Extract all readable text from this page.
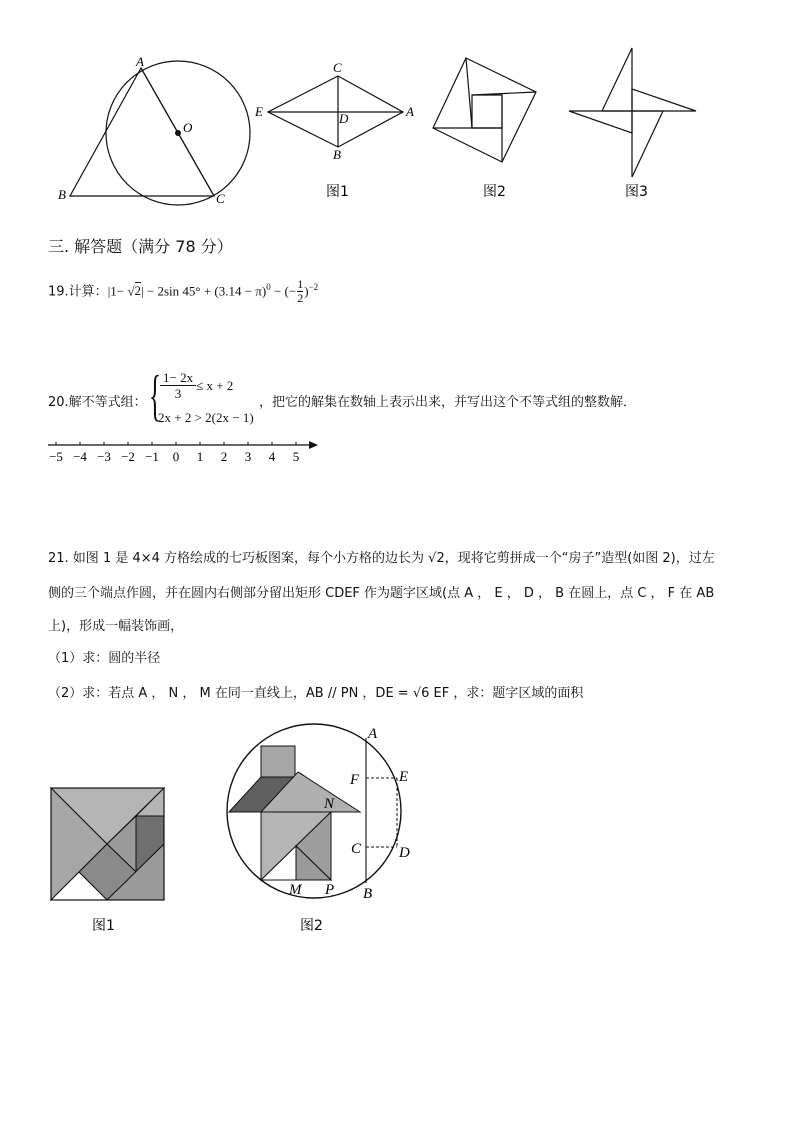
A
O
B	C
C
E	D	A
B
图1	图2	图3
三. 解答题（满分 78 分）
19.计算：|1− √2| − 2sin $45^\circ + (3.14 - \pi)^0$ − (− $\frac{1}{2} )^{-2}$
20.解不等式组： {
$\frac{1- 2x}{3} \le x + 2$
2x + 2 > 2(2x − 1)
，把它的解集在数轴上表示出来，并写出这个不等式组的整数解．
−5 −4 −3 −2 −1 0 1 2 3 4 5
21. 如图 1 是 4×4 方格绘成的七巧板图案，每个小方格的边长为 √2，现将它剪拼成一个“房子”造型(如图 2)，过左
侧的三个端点作圆，并在圆内右侧部分留出矩形 CDEF 作为题字区域(点 A ， E ， D ， B 在圆上，点 C ， F 在 AB
上)，形成一幅装饰画，
（1）求：圆的半径
（2）求：若点 A ， N ， M 在同一直线上，AB // PN ，DE = √6 EF ，求：题字区域的面积
图1
A
F	E
N
C	D
M P B
图2
